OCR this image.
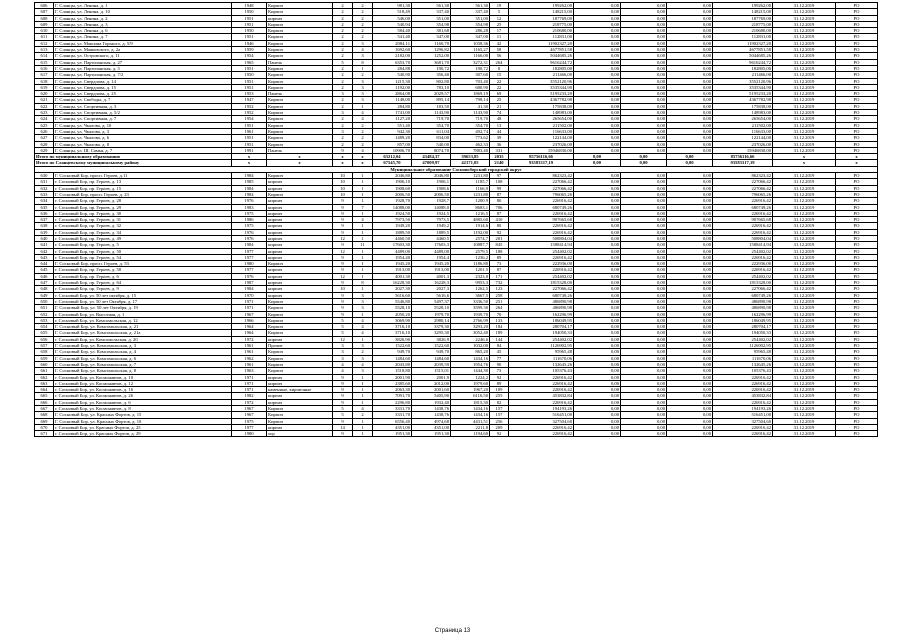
606	Г. Сланцы, ул. Ленина, д. 1	1948	Кирпич	2	2	981,30	561,30	561,30	19	199262,00	0,00	0,00	0,00	199262,00	31.12.2019	РО
607	Г. Сланцы, ул. Ленина, д. 10	1950	Кирпич	2	2	518,49	337,40	337,40	5	148215,00	0,00	0,00	0,00	148215,00	31.12.2019	РО
608	Г. Сланцы, ул. Ленина, д. 2	1951	кирпич	2	2	546,00	351,00	351,00	12	187769,00	0,00	0,00	0,00	187769,00	31.12.2019	РО
609	Г. Сланцы, ул. Ленина, д. 3	1951	Кирпич	2	2	540,94	354,98	354,98	25	218775,00	0,00	0,00	0,00	218775,00	31.12.2019	РО
610	Г. Сланцы, ул. Ленина, д. 6	1950	Кирпич	2	2	584,40	381,68	286,28	17	210680,00	0,00	0,00	0,00	210680,00	31.12.2019	РО
611	Г. Сланцы, ул. Ленина, д. 7	1951	Кирпич	2	2	541,40	347,00	347,00	11	112831,00	0,00	0,00	0,00	112831,00	31.12.2019	РО
612	Г. Сланцы, ул. Максима Горького, д. 5/9	1946	Кирпич	2	3	2084,11	1160,70	1038,36	42	11902327,20	0,00	0,00	0,00	11902327,20	31.12.2019	РО
613	Г. Сланцы, ул. Маяковского, д. 2а	1959	Кирпич	2	4	1692,60	1296,82	1165,27	58	4677851,58	0,00	0,00	0,00	4677851,58	31.12.2019	РО
614	Г. Сланцы, ул. Островского, д. 11	1954	Кирпич	2	3	2182,00	1252,00	1166,00	56	5044685,26	0,00	0,00	0,00	5044685,26	31.12.2019	РО
615	Г. Сланцы, ул. Партизанская, д. 27	1965	Панель	5	8	6353,70	3681,70	3272,31	264	9616244,72	0,00	0,00	0,00	9616244,72	31.12.2019	РО
616	Г. Сланцы, ул. Партизанская, д. 5	1951	Кирпич	2	1	284,88	190,72	190,72	8	182805,00	0,00	0,00	0,00	182805,00	31.12.2019	РО
617	Г. Сланцы, ул. Партизанская, д. 7/2	1950	Кирпич	2	2	540,90	356,40	307,60	15	211466,00	0,00	0,00	0,00	211466,00	31.12.2019	РО
618	Г. Сланцы, ул. Свердлова, д. 14	1951	Кирпич	2	3	1215,30	802,80	703,40	22	3552120,96	0,00	0,00	0,00	3552120,96	31.12.2019	РО
619	Г. Сланцы, ул. Свердлова, д. 15	1951	Кирпич	2	3	1192,00	783,10	680,90	22	3535344,90	0,00	0,00	0,00	3535344,90	31.12.2019	РО
620	Г. Сланцы, ул. Свердлова, д. 25	1953	Панель	3	3	2864,08	2029,57	1869,19	69	5195233,20	0,00	0,00	0,00	5195233,20	31.12.2019	РО
621	Г. Сланцы, ул. Свободы, д. 7	1947	Кирпич	2	3	1148,00	895,14	798,14	25	4367782,98	0,00	0,00	0,00	4367782,98	31.12.2019	РО
622	Г. Сланцы, ул. Спортивная, д. 3	1952	Кирпич	2	1	284,80	183,50	41,30	21	175838,00	0,00	0,00	0,00	175838,00	31.12.2019	РО
623	Г. Сланцы, ул. Спортивная, д. 5/2	1952	Кирпич	3	4	1741,00	1143,90	1143,90	74	148983,00	0,00	0,00	0,00	148983,00	31.12.2019	РО
624	Г. Сланцы, ул. Спортивная, д. 7	1954	Кирпич	2	4	1127,20	719,70	719,70	48	265654,00	0,00	0,00	0,00	265654,00	31.12.2019	РО
625	Г. Сланцы, ул. Чкалова, д. 10	1951	Кирпич	2	2	551,40	354,70	354,70	13	211502,00	0,00	0,00	0,00	211502,00	31.12.2019	РО
626	Г. Сланцы, ул. Чкалова, д. 3	1961	Кирпич	3	2	942,30	611,04	492,74	44	116633,00	0,00	0,00	0,00	116633,00	31.12.2019	РО
627	Г. Сланцы, ул. Чкалова, д. 6	1951	Кирпич	2	2	1489,20	834,00	773,62	39	122144,00	0,00	0,00	0,00	122144,00	31.12.2019	РО
628	Г. Сланцы, ул. Чкалова, д. 8	1951	Кирпич	2	2	857,00	540,00	462,33	36	237026,00	0,00	0,00	0,00	237026,00	31.12.2019	РО
629	Г. Сланцы, ул. Ш. Самья, д. 7	1991	Панель	9	4	10906,70	8074,70	7883,40	331	15946830,00	0,00	0,00	0,00	15946830,00	31.12.2019	РО
Итого по муниципальному образованию		х	х	х	х	63212,04	43484,37	39653,85	2035	85756116,66	0,00	0,00	0,00	85756116,66	х	х
Итого по Сланцевскому муниципальному району		х	х	х	х	67545,70	47009,97	42171,05	2140	93583317,19	0,00	0,00	0,00	93583317,19	х	х
Муниципальное образование Сосновоборский городской округ																
630	Г. Сосновый Бор, просп. Героев, д.11	1984	Кирпич	10	1	2046,80	2046,80	1231,80	97	862323,42	0,00	0,00	0,00	862323,42	31.12.2019	РО
631	г. Сосновый Бор, пр. Героев, д. 13	1985	кирпич	10	1	1906,10	1906,1	1185,7	108	227066,42	0,00	0,00	0,00	227066,42	31.12.2019	РО
632	г. Сосновый Бор, пр. Героев, д. 15	1984	кирпич	10	1	1908,60	1908,6	1166,9	99	227066,42	0,00	0,00	0,00	227066,42	31.12.2019	РО
633	Г. Сосновый Бор, просп. Героев, д. 23	1984	Кирпич	10	1	2006,50	2006,50	1231,80	87	796065,26	0,00	0,00	0,00	796065,26	31.12.2019	РО
634	г. Сосновый Бор, пр. Героев, д. 28	1976	кирпич	9	1	1928,70	1928,7	1200,9	80	226916,42	0,00	0,00	0,00	226916,42	31.12.2019	РО
635	г. Сосновый Бор, пр. Героев, д. 29	1983	кирпич	9	7	14088,00	14088,0	8683,1	706	680749,26	0,00	0,00	0,00	680749,26	31.12.2019	РО
636	г. Сосновый Бор, пр. Героев, д. 30	1975	кирпич	9	1	1924,50	1924,5	1216,5	87	226916,42	0,00	0,00	0,00	226916,42	31.12.2019	РО
637	г. Сосновый Бор, пр. Героев, д. 31	1986	кирпич	9	4	7973,50	7973,5	4885,60	410	907665,68	0,00	0,00	0,00	907665,68	31.12.2019	РО
638	г. Сосновый Бор, пр. Героев, д. 32	1975	кирпич	9	1	1949,20	1949,2	1914,6	80	226916,42	0,00	0,00	0,00	226916,42	31.12.2019	РО
639	г. Сосновый Бор, пр. Героев, д. 34	1976	кирпич	9	1	1889,50	1889,5	1192,00	92	226916,42	0,00	0,00	0,00	226916,42	31.12.2019	РО
640	г. Сосновый Бор, пр. Героев, д. 49	1976	кирпич	12	1	4460,50	4460,5	2574,7	201	508804,04	0,00	0,00	0,00	508804,04	31.12.2019	РО
641	г. Сосновый Бор, пр. Героев, д. 5	1984	кирпич	9	11	17603,30	17603,3	10887,7	845	1588414,94	0,00	0,00	0,00	1588414,94	31.12.2019	РО
642	г. Сосновый Бор, пр. Героев, д. 50	1977	кирпич	12	1	4489,00	4489,00	2579,5	188	254402,02	0,00	0,00	0,00	254402,02	31.12.2019	РО
643	г. Сосновый Бор, пр. Героев, д. 54	1977	кирпич	9	1	1954,40	1954,4	1236,2	89	226916,42	0,00	0,00	0,00	226916,42	31.12.2019	РО
644	Г. Сосновый Бор, просп. Героев, д. 53	1980	Кирпич	9	1	1945,20	1945,20	1186,80	73	222936,00	0,00	0,00	0,00	222936,00	31.12.2019	РО
645	г. Сосновый Бор, пр. Героев, д. 58	1977	кирпич	9	1	1913,00	1913,00	1201,5	87	226916,42	0,00	0,00	0,00	226916,42	31.12.2019	РО
646	г. Сосновый Бор, пр. Героев, д. 6	1976	кирпич	12	1	4001,30	4001,3	2323,8	171	254402,02	0,00	0,00	0,00	254402,02	31.12.2019	РО
647	г. Сосновый Бор, пр. Героев, д. 64	1987	кирпич	9	8	16228,30	16228,3	9953,3	732	1815328,00	0,00	0,00	0,00	1815328,00	31.12.2019	РО
648	г. Сосновый Бор, пр. Героев, д. 9	1984	кирпич	10	1	2027,30	2027,3	1262,5	123	227066,42	0,00	0,00	0,00	227066,42	31.12.2019	РО
649	г. Сосновый Бор, ул. 50 лет октября, д. 15	1970	кирпич	9	3	5616,60	5616,6	3667,5	258	680749,26	0,00	0,00	0,00	680749,26	31.12.2019	РО
650	г. Сосновый Бор, ул. 50 лет Октября, д. 17	1971	Кирпич	9	3	5546,80	5497,37	3336,50	251	486890,98	0,00	0,00	0,00	486890,98	31.12.2019	РО
651	Г. Сосновый Бор, ул. 50 лет Октября, д. 19	1971	Кирпич	9	3	5528,10	5528,10	3599,30	264	486890,98	0,00	0,00	0,00	486890,98	31.12.2019	РО
652	г. Сосновый Бор, ул. Высотная, д. 1	1967	Кирпич	9	1	2050,20	1979,70	1939,70	70	162296,99	0,00	0,00	0,00	162296,99	31.12.2019	РО
653	г. Сосновый Бор, ул. Комсомольская, д. 12	1966	Кирпич	5	4	3069,90	2980,14	2766,99	133	186049,95	0,00	0,00	0,00	186049,95	31.12.2019	РО
654	Г. Сосновый Бор, ул. Комсомольская, д. 21	1964	Кирпич	5	4	3716,10	3379,30	3293,20	184	280704,17	0,00	0,00	0,00	280704,17	31.12.2019	РО
655	Г. Сосновый Бор, ул. Комсомольская, д. 21а	1964	Кирпич	5	4	3716,10	3295,30	3052,40	189	194050,33	0,00	0,00	0,00	194050,33	31.12.2019	РО
656	г. Сосновый Бор, ул. Комсомольская, д. 20	1972	кирпич	12	1	3826,90	3826,9	2246,6	144	254402,02	0,00	0,00	0,00	254402,02	31.12.2019	РО
657	Г. Сосновый Бор, ул. Комсомольская, д. 3	1961	Прочие	3	3	1522,60	1522,60	1032,00	84	1126902,95	0,00	0,00	0,00	1126902,95	31.12.2019	РО
658	Г. Сосновый Бор, ул. Комсомольская, д. 4	1961	Кирпич	3	2	949,70	949,70	865,20	45	95965,48	0,00	0,00	0,00	95965,48	31.12.2019	РО
659	Г. Сосновый Бор, ул. Комсомольская, д. 6	1962	Кирпич	3	3	1484,60	1484,60	1434,16	77	111670,06	0,00	0,00	0,00	111670,06	31.12.2019	РО
660	Г. Сосновый Бор, ул. Комсомольская, д. 7	1961	Кирпич	4	4	2043,80	2039,59	1954,76	90	132645,26	0,00	0,00	0,00	132645,26	31.12.2019	РО
661	Г. Сосновый Бор, ул. Комсомольская, д. 8	1963	Кирпич	4	3	1518,80	1515,01	1444,30	73	105376,43	0,00	0,00	0,00	105376,43	31.12.2019	РО
662	г. Сосновый Бор, ул. Космонавтов, д. 10	1971	кирпич	9	1	2001,90	2001,9	1224,2	92	226916,42	0,00	0,00	0,00	226916,42	31.12.2019	РО
663	г. Сосновый Бор, ул. Космонавтов, д. 12	1971	кирпич	9	1	2385,60	2012,00	1979,60	89	226916,42	0,00	0,00	0,00	226916,42	31.12.2019	РО
664	г. Сосновый Бор, ул. Космонавтов, д. 16	1971	каменные, кирпичные	9	1	2063,30	2001,60	1967,20	109	226916,42	0,00	0,00	0,00	226916,42	31.12.2019	РО
665	г. Сосновый Бор, ул. Космонавтов, д. 26	1982	кирпич	9	1	7091,70	5405,90	6116,50	255	453832,84	0,00	0,00	0,00	453832,84	31.12.2019	РО
666	г. Сосновый Бор, ул. Космонавтов, д. 6	1972	кирпич	9	1	2296,80	1932,40	1815,30	82	226916,42	0,00	0,00	0,00	226916,42	31.12.2019	РО
667	г. Сосновый Бор, ул. Космонавтов, д. 8	1967	Кирпич	5	4	3331,70	1438,76	1434,16	157	194193,26	0,00	0,00	0,00	194193,26	31.12.2019	РО
668	Г. Сосновый Бор, ул. Красных Фортов, д. 15	1967	Кирпич	5	2	3331,70	1438,76	1434,16	157	516451,00	0,00	0,00	0,00	516451,00	31.12.2019	РО
669	Г. Сосновый Бор, ул. Красных Фортов, д. 10	1975	Кирпич	9	1	6556,40	4974,68	4431,51	256	327504,60	0,00	0,00	0,00	327504,60	31.12.2019	РО
670	г. Сосновый Бор, ул. Красных Фортов, д. 25	1977	кирпич	14	1	4351,00	4351,00	2211,8	209	226916,42	0,00	0,00	0,00	226916,42	31.12.2019	РО
671	г. Сосновый Бор, ул. Красных Фортов, д. 29	1980	хор	9	1	1951,30	1951,30	1194,60	92	226916,42	0,00	0,00	0,00	226916,42	31.12.2019	РО
Страница 13
